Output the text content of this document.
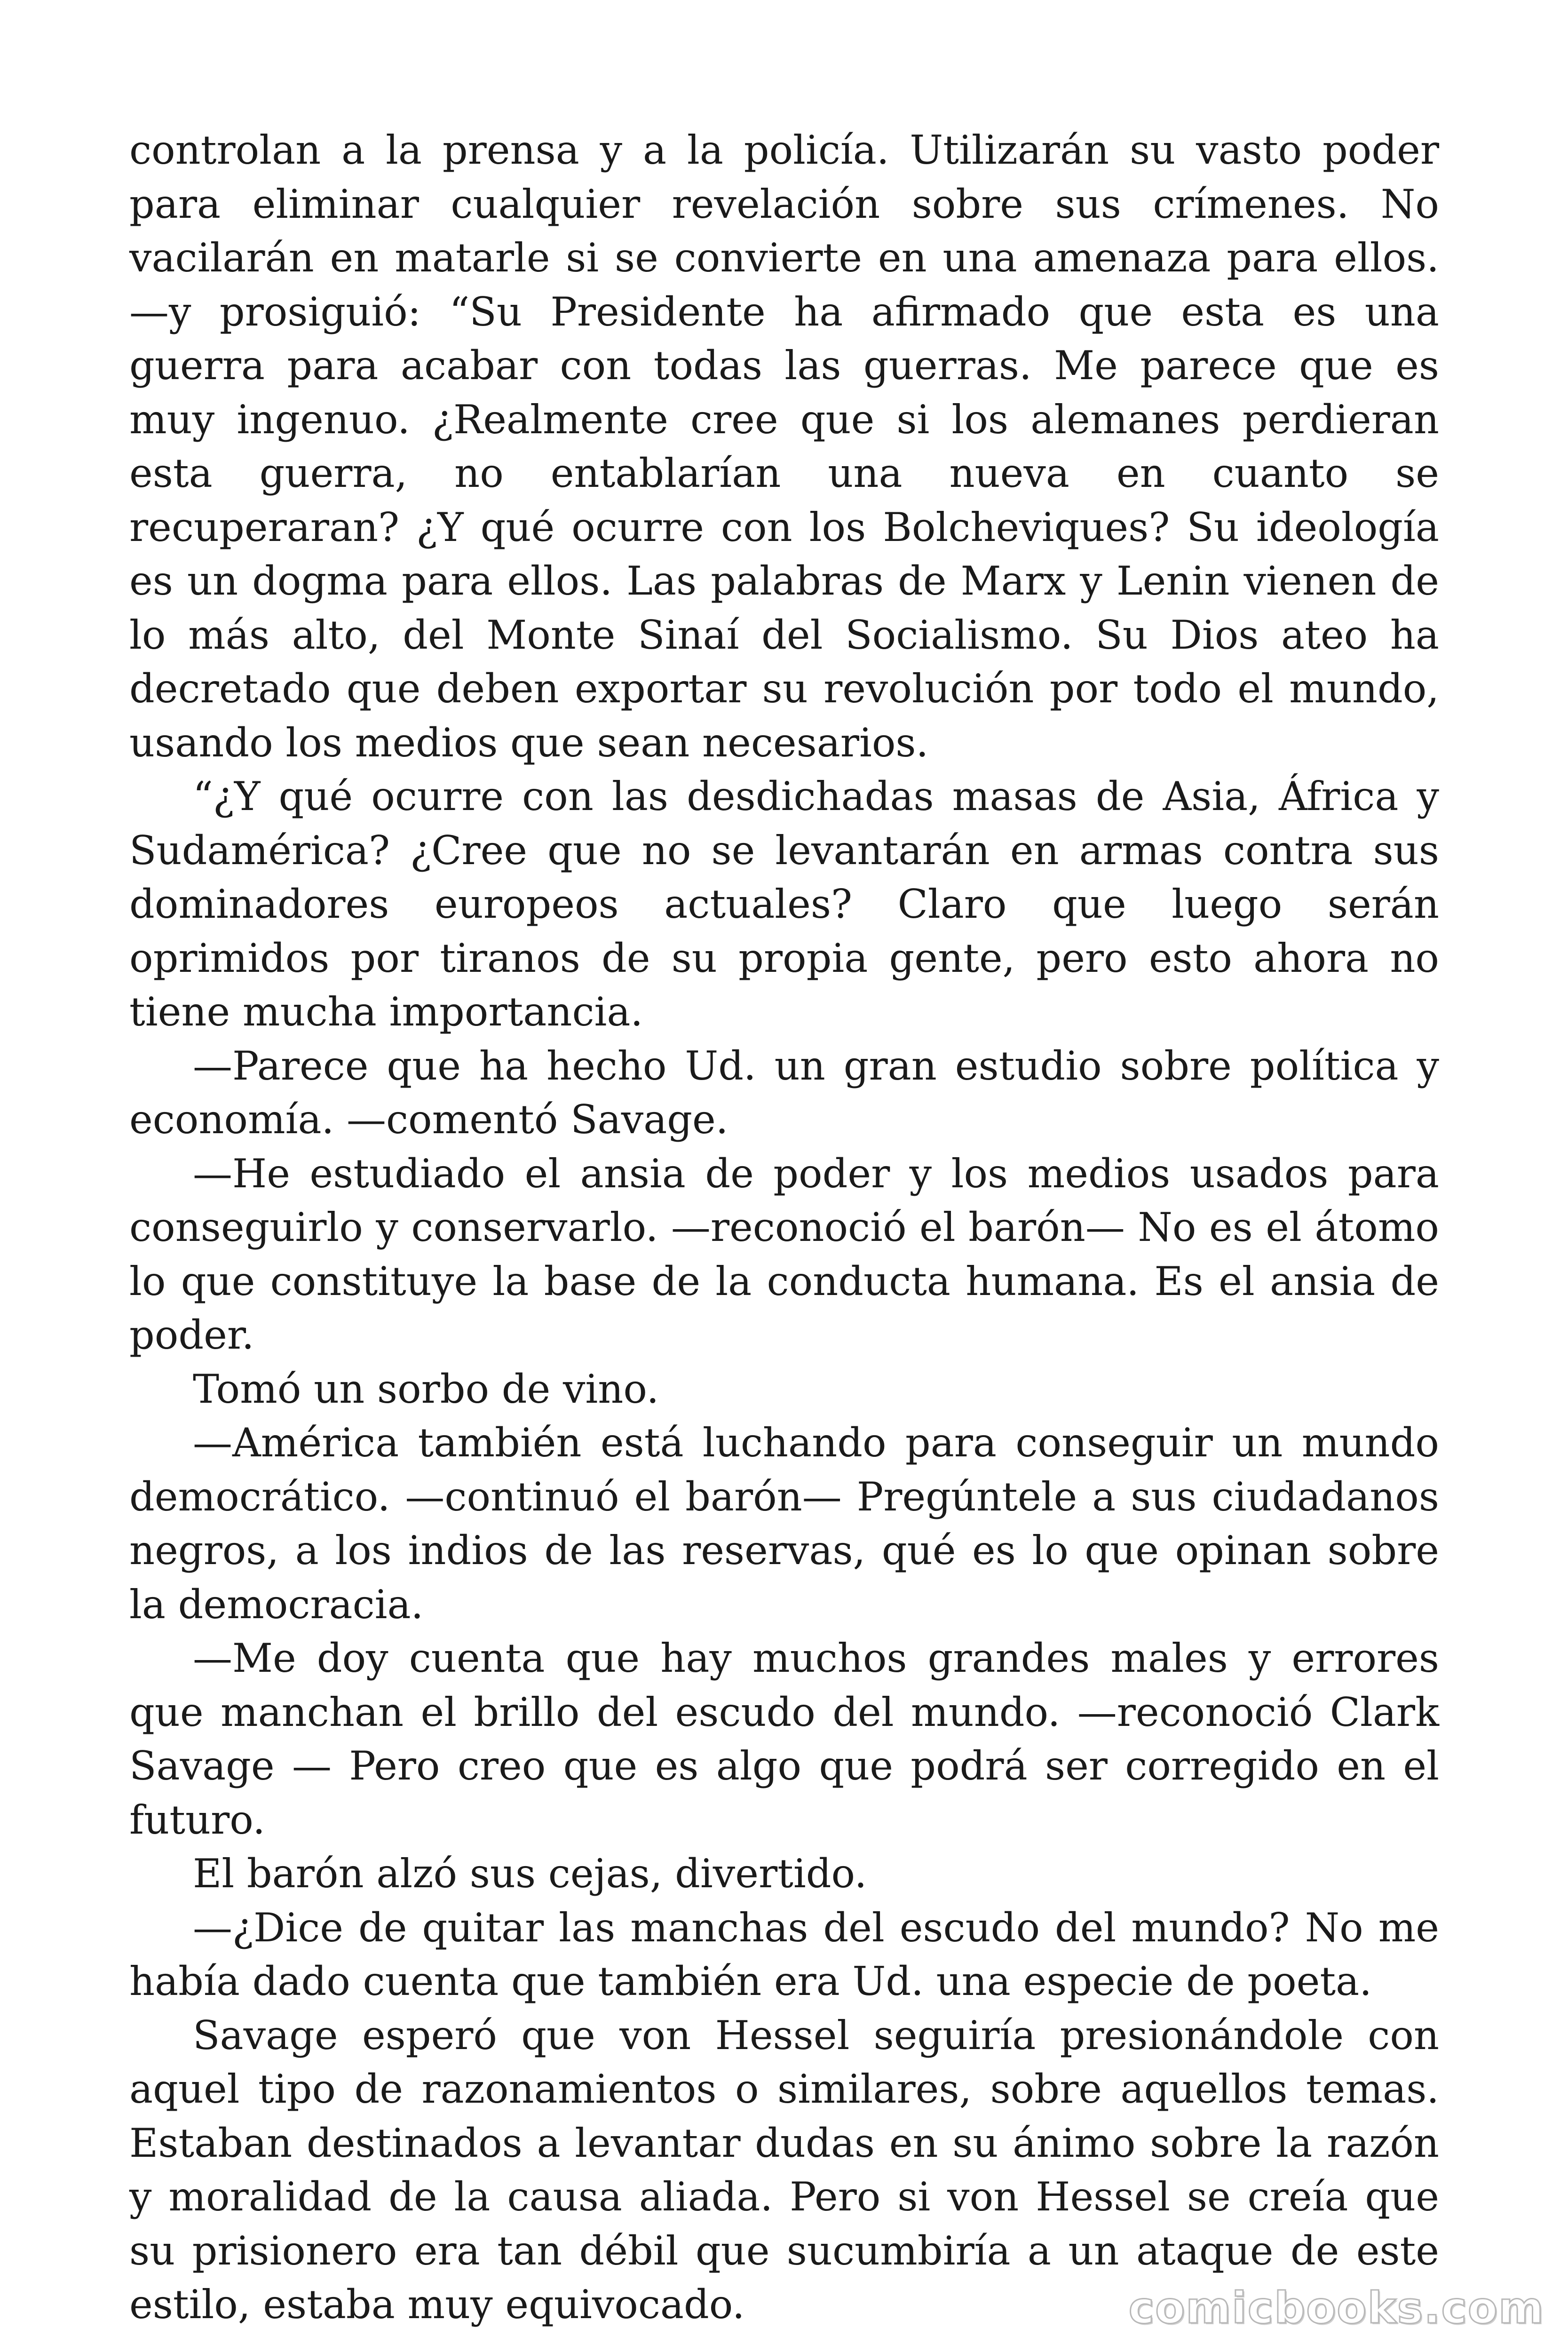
controlan a la prensa y a la policía. Utilizarán su vasto poder para eliminar cualquier revelación sobre sus crímenes. No vacilarán en matarle si se convierte en una amenaza para ellos. —y prosiguió: “Su Presidente ha afirmado que esta es una guerra para acabar con todas las guerras. Me parece que es muy ingenuo. ¿Realmente cree que si los alemanes perdieran esta guerra, no entablarían una nueva en cuanto se recuperaran? ¿Y qué ocurre con los Bolcheviques? Su ideología es un dogma para ellos. Las palabras de Marx y Lenin vienen de lo más alto, del Monte Sinaí del Socialismo. Su Dios ateo ha decretado que deben exportar su revolución por todo el mundo, usando los medios que sean necesarios.

“¿Y qué ocurre con las desdichadas masas de Asia, África y Sudamérica? ¿Cree que no se levantarán en armas contra sus dominadores europeos actuales? Claro que luego serán oprimidos por tiranos de su propia gente, pero esto ahora no tiene mucha importancia.

—Parece que ha hecho Ud. un gran estudio sobre política y economía. —comentó Savage.

—He estudiado el ansia de poder y los medios usados para conseguirlo y conservarlo. —reconoció el barón— No es el átomo lo que constituye la base de la conducta humana. Es el ansia de poder.

Tomó un sorbo de vino.

—América también está luchando para conseguir un mundo democrático. —continuó el barón— Pregúntele a sus ciudadanos negros, a los indios de las reservas, qué es lo que opinan sobre la democracia.

—Me doy cuenta que hay muchos grandes males y errores que manchan el brillo del escudo del mundo. —reconoció Clark Savage — Pero creo que es algo que podrá ser corregido en el futuro.

El barón alzó sus cejas, divertido.

—¿Dice de quitar las manchas del escudo del mundo? No me había dado cuenta que también era Ud. una especie de poeta.

Savage esperó que von Hessel seguiría presionándole con aquel tipo de razonamientos o similares, sobre aquellos temas. Estaban destinados a levantar dudas en su ánimo sobre la razón y moralidad de la causa aliada. Pero si von Hessel se creía que su prisionero era tan débil que sucumbiría a un ataque de este estilo, estaba muy equivocado.	comicbooks.com
